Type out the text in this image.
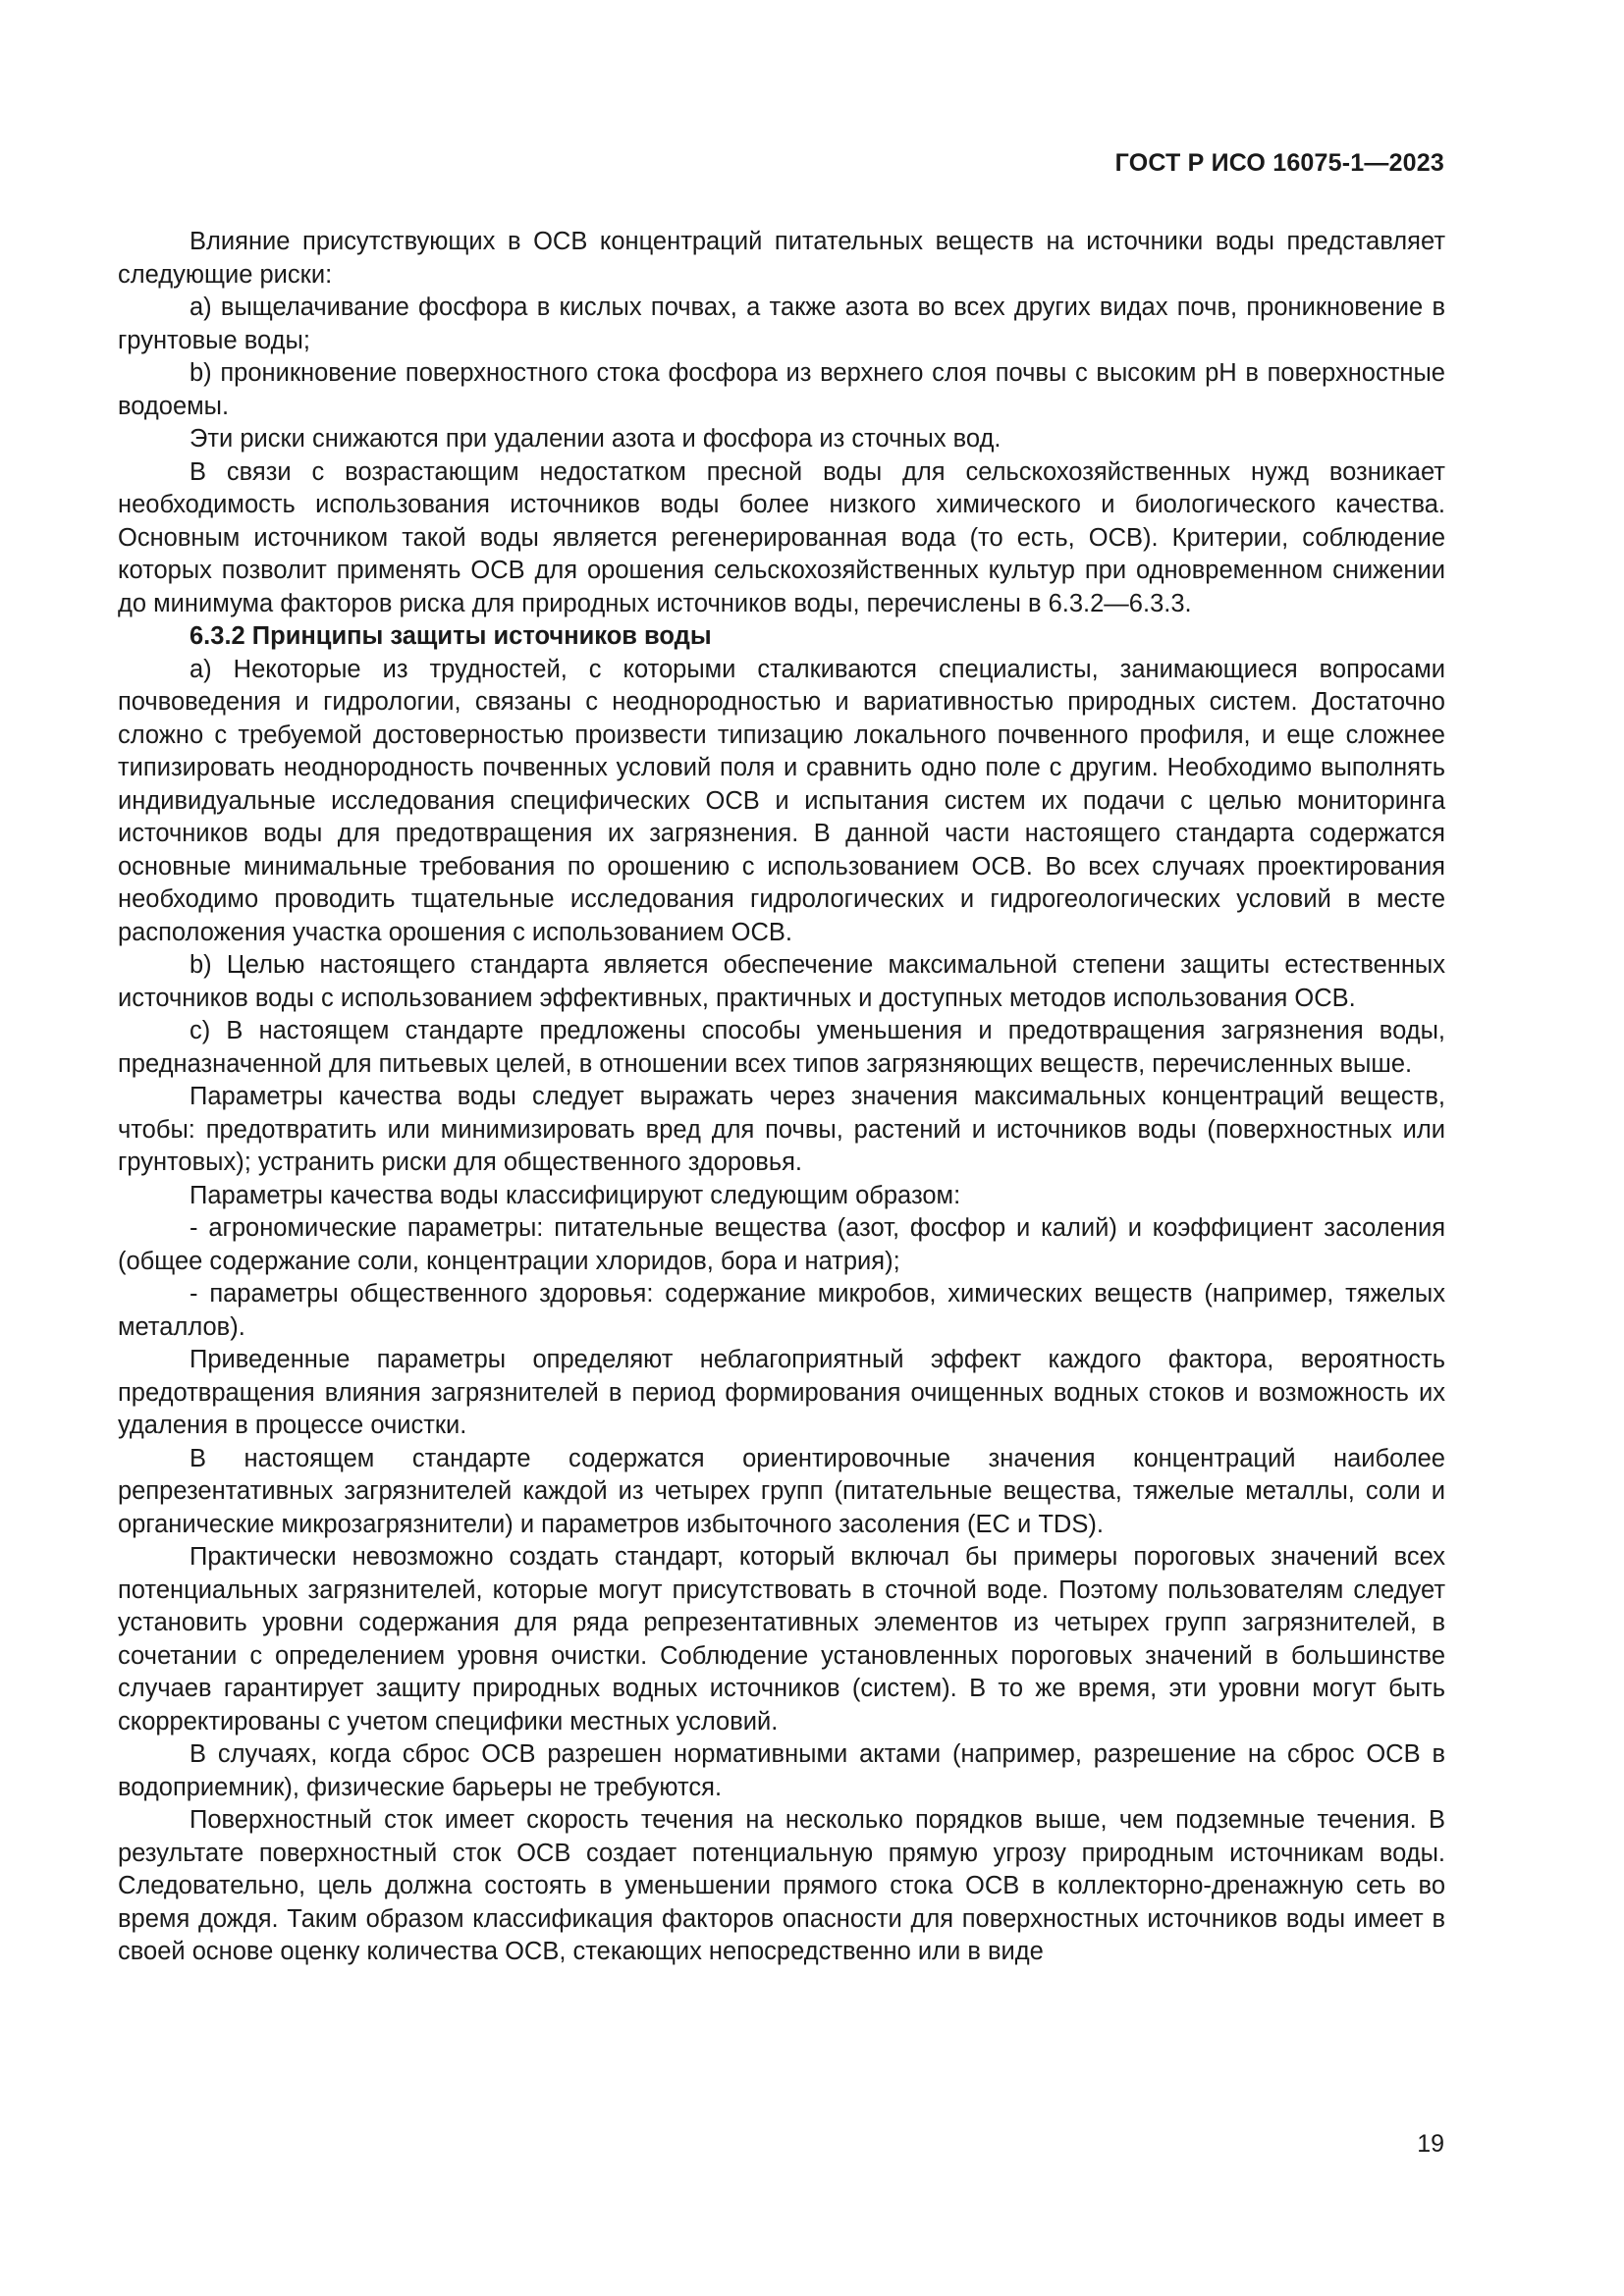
ГОСТ Р ИСО 16075-1—2023

Влияние присутствующих в ОСВ концентраций питательных веществ на источники воды представляет следующие риски:

a) выщелачивание фосфора в кислых почвах, а также азота во всех других видах почв, проникновение в грунтовые воды;

b) проникновение поверхностного стока фосфора из верхнего слоя почвы с высоким pH в поверхностные водоемы.

Эти риски снижаются при удалении азота и фосфора из сточных вод.

В связи с возрастающим недостатком пресной воды для сельскохозяйственных нужд возникает необходимость использования источников воды более низкого химического и биологического качества. Основным источником такой воды является регенерированная вода (то есть, ОСВ). Критерии, соблюдение которых позволит применять ОСВ для орошения сельскохозяйственных культур при одновременном снижении до минимума факторов риска для природных источников воды, перечислены в 6.3.2—6.3.3.

6.3.2 Принципы защиты источников воды

a) Некоторые из трудностей, с которыми сталкиваются специалисты, занимающиеся вопросами почвоведения и гидрологии, связаны с неоднородностью и вариативностью природных систем. Достаточно сложно с требуемой достоверностью произвести типизацию локального почвенного профиля, и еще сложнее типизировать неоднородность почвенных условий поля и сравнить одно поле с другим. Необходимо выполнять индивидуальные исследования специфических ОСВ и испытания систем их подачи с целью мониторинга источников воды для предотвращения их загрязнения. В данной части настоящего стандарта содержатся основные минимальные требования по орошению с использованием ОСВ. Во всех случаях проектирования необходимо проводить тщательные исследования гидрологических и гидрогеологических условий в месте расположения участка орошения с использованием ОСВ.

b) Целью настоящего стандарта является обеспечение максимальной степени защиты естественных источников воды с использованием эффективных, практичных и доступных методов использования ОСВ.

c) В настоящем стандарте предложены способы уменьшения и предотвращения загрязнения воды, предназначенной для питьевых целей, в отношении всех типов загрязняющих веществ, перечисленных выше.

Параметры качества воды следует выражать через значения максимальных концентраций веществ, чтобы: предотвратить или минимизировать вред для почвы, растений и источников воды (поверхностных или грунтовых); устранить риски для общественного здоровья.

Параметры качества воды классифицируют следующим образом:

- агрономические параметры: питательные вещества (азот, фосфор и калий) и коэффициент засоления (общее содержание соли, концентрации хлоридов, бора и натрия);

- параметры общественного здоровья: содержание микробов, химических веществ (например, тяжелых металлов).

Приведенные параметры определяют неблагоприятный эффект каждого фактора, вероятность предотвращения влияния загрязнителей в период формирования очищенных водных стоков и возможность их удаления в процессе очистки.

В настоящем стандарте содержатся ориентировочные значения концентраций наиболее репрезентативных загрязнителей каждой из четырех групп (питательные вещества, тяжелые металлы, соли и органические микрозагрязнители) и параметров избыточного засоления (ЕС и TDS).

Практически невозможно создать стандарт, который включал бы примеры пороговых значений всех потенциальных загрязнителей, которые могут присутствовать в сточной воде. Поэтому пользователям следует установить уровни содержания для ряда репрезентативных элементов из четырех групп загрязнителей, в сочетании с определением уровня очистки. Соблюдение установленных пороговых значений в большинстве случаев гарантирует защиту природных водных источников (систем). В то же время, эти уровни могут быть скорректированы с учетом специфики местных условий.

В случаях, когда сброс ОСВ разрешен нормативными актами (например, разрешение на сброс ОСВ в водоприемник), физические барьеры не требуются.

Поверхностный сток имеет скорость течения на несколько порядков выше, чем подземные течения. В результате поверхностный сток ОСВ создает потенциальную прямую угрозу природным источникам воды. Следовательно, цель должна состоять в уменьшении прямого стока ОСВ в коллекторно-дренажную сеть во время дождя. Таким образом классификация факторов опасности для поверхностных источников воды имеет в своей основе оценку количества ОСВ, стекающих непосредственно или в виде

19
